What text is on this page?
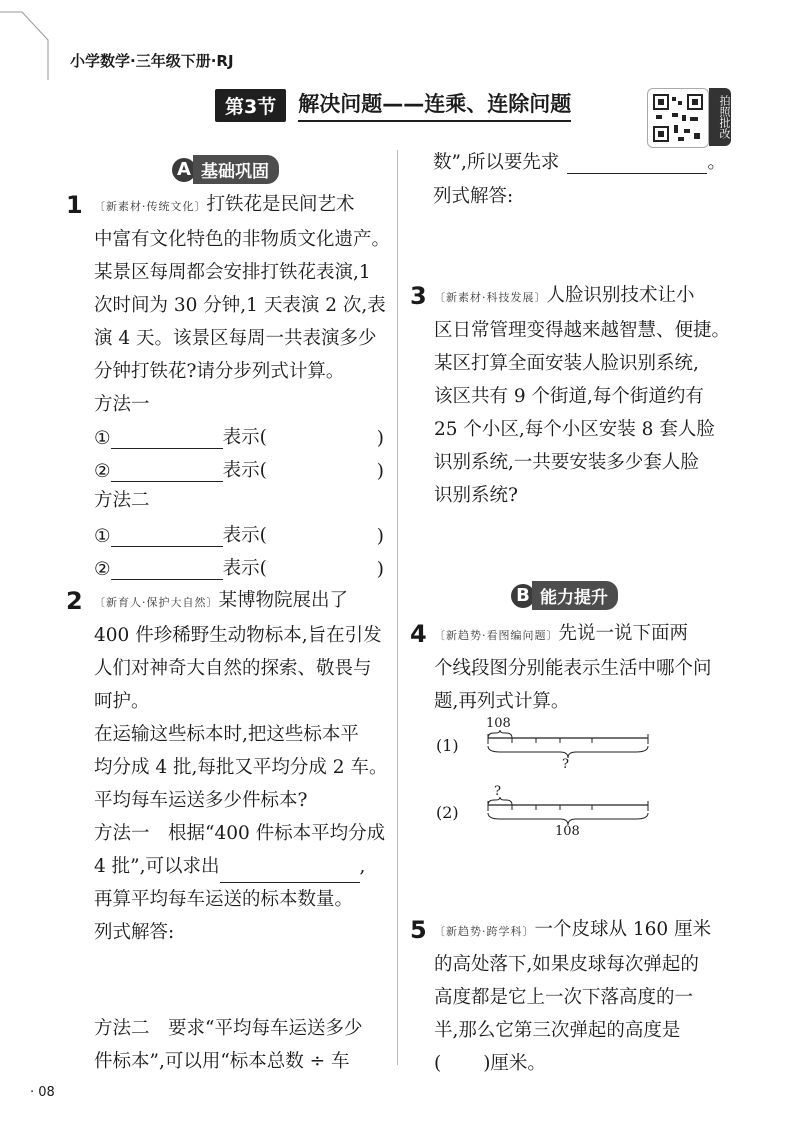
小学数学·三年级下册·RJ
第3节	解决问题——连乘、连除问题	拍照批改
A 基础巩固
1 〔新素材·传统文化〕打铁花是民间艺术
中富有文化特色的非物质文化遗产。
某景区每周都会安排打铁花表演,1
次时间为 30 分钟,1 天表演 2 次,表
演 4 天。该景区每周一共表演多少
分钟打铁花?请分步列式计算。
方法一
①	表示(	)
②	表示(	)
方法二
①	表示(	)
②	表示(	)
2 〔新育人·保护大自然〕某博物院展出了
400 件珍稀野生动物标本,旨在引发
人们对神奇大自然的探索、敬畏与
呵护。
在运输这些标本时,把这些标本平
均分成 4 批,每批又平均分成 2 车。
平均每车运送多少件标本?
方法一　根据“400 件标本平均分成
4 批”,可以求出	,
再算平均每车运送的标本数量。
列式解答:
方法二　要求“平均每车运送多少
件标本”,可以用“标本总数 ÷ 车
数”,所以要先求	。
列式解答:
3 〔新素材·科技发展〕人脸识别技术让小
区日常管理变得越来越智慧、便捷。
某区打算全面安装人脸识别系统,
该区共有 9 个街道,每个街道约有
25 个小区,每个小区安装 8 套人脸
识别系统,一共要安装多少套人脸
识别系统?
B 能力提升
4 〔新趋势·看图编问题〕先说一说下面两
个线段图分别能表示生活中哪个问
题,再列式计算。
(1)
108
?
(2)
?
108
5 〔新趋势·跨学科〕一个皮球从 160 厘米
的高处落下,如果皮球每次弹起的
高度都是它上一次下落高度的一
半,那么它第三次弹起的高度是
( )厘米。
· 08
